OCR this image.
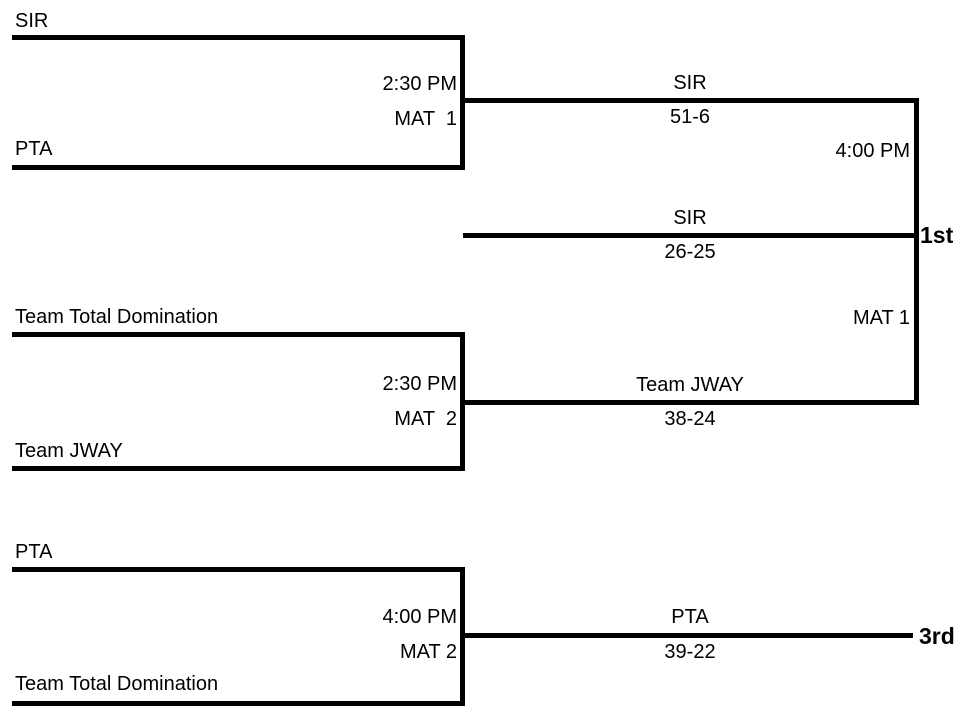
SIR
PTA
2:30 PM
MAT  1
SIR
51-6
4:00 PM
SIR
26-25
1st
MAT 1
Team Total Domination
Team JWAY
2:30 PM
MAT  2
Team JWAY
38-24
PTA
Team Total Domination
4:00 PM
MAT 2
PTA
39-22
3rd
